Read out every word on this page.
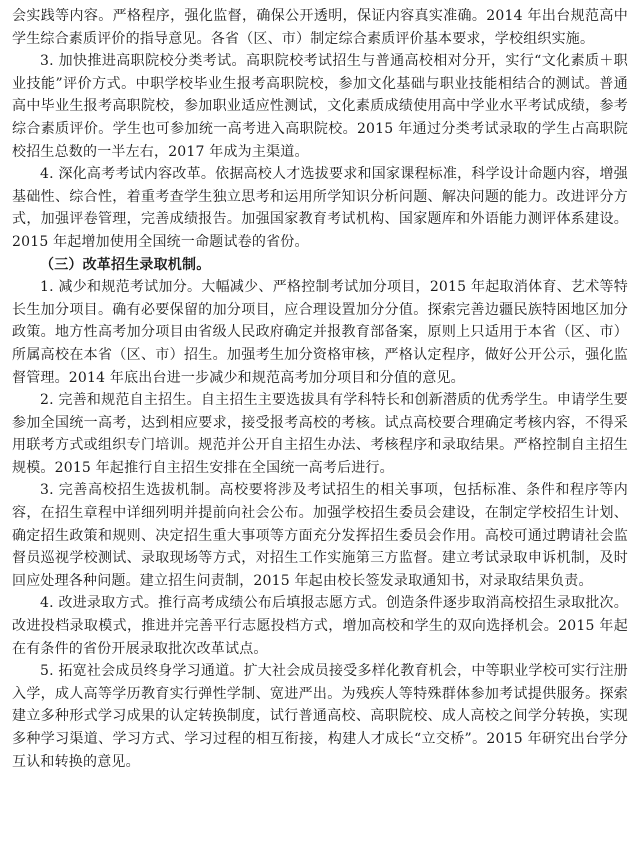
会实践等内容。严格程序，强化监督，确保公开透明，保证内容真实准确。2014 年出台规范高中学生综合素质评价的指导意见。各省（区、市）制定综合素质评价基本要求，学校组织实施。

3. 加快推进高职院校分类考试。高职院校考试招生与普通高校相对分开，实行“文化素质＋职业技能”评价方式。中职学校毕业生报考高职院校，参加文化基础与职业技能相结合的测试。普通高中毕业生报考高职院校，参加职业适应性测试，文化素质成绩使用高中学业水平考试成绩，参考综合素质评价。学生也可参加统一高考进入高职院校。2015 年通过分类考试录取的学生占高职院校招生总数的一半左右，2017 年成为主渠道。

4. 深化高考考试内容改革。依据高校人才选拔要求和国家课程标准，科学设计命题内容，增强基础性、综合性，着重考查学生独立思考和运用所学知识分析问题、解决问题的能力。改进评分方式，加强评卷管理，完善成绩报告。加强国家教育考试机构、国家题库和外语能力测评体系建设。2015 年起增加使用全国统一命题试卷的省份。

（三）改革招生录取机制。

1. 减少和规范考试加分。大幅减少、严格控制考试加分项目，2015 年起取消体育、艺术等特长生加分项目。确有必要保留的加分项目，应合理设置加分分值。探索完善边疆民族特困地区加分政策。地方性高考加分项目由省级人民政府确定并报教育部备案，原则上只适用于本省（区、市）所属高校在本省（区、市）招生。加强考生加分资格审核，严格认定程序，做好公开公示，强化监督管理。2014 年底出台进一步减少和规范高考加分项目和分值的意见。

2. 完善和规范自主招生。自主招生主要选拔具有学科特长和创新潜质的优秀学生。申请学生要参加全国统一高考，达到相应要求，接受报考高校的考核。试点高校要合理确定考核内容，不得采用联考方式或组织专门培训。规范并公开自主招生办法、考核程序和录取结果。严格控制自主招生规模。2015 年起推行自主招生安排在全国统一高考后进行。

3. 完善高校招生选拔机制。高校要将涉及考试招生的相关事项，包括标准、条件和程序等内容，在招生章程中详细列明并提前向社会公布。加强学校招生委员会建设，在制定学校招生计划、确定招生政策和规则、决定招生重大事项等方面充分发挥招生委员会作用。高校可通过聘请社会监督员巡视学校测试、录取现场等方式，对招生工作实施第三方监督。建立考试录取申诉机制，及时回应处理各种问题。建立招生问责制，2015 年起由校长签发录取通知书，对录取结果负责。

4. 改进录取方式。推行高考成绩公布后填报志愿方式。创造条件逐步取消高校招生录取批次。改进投档录取模式，推进并完善平行志愿投档方式，增加高校和学生的双向选择机会。2015 年起在有条件的省份开展录取批次改革试点。

5. 拓宽社会成员终身学习通道。扩大社会成员接受多样化教育机会，中等职业学校可实行注册入学，成人高等学历教育实行弹性学制、宽进严出。为残疾人等特殊群体参加考试提供服务。探索建立多种形式学习成果的认定转换制度，试行普通高校、高职院校、成人高校之间学分转换，实现多种学习渠道、学习方式、学习过程的相互衔接，构建人才成长“立交桥”。2015 年研究出台学分互认和转换的意见。
